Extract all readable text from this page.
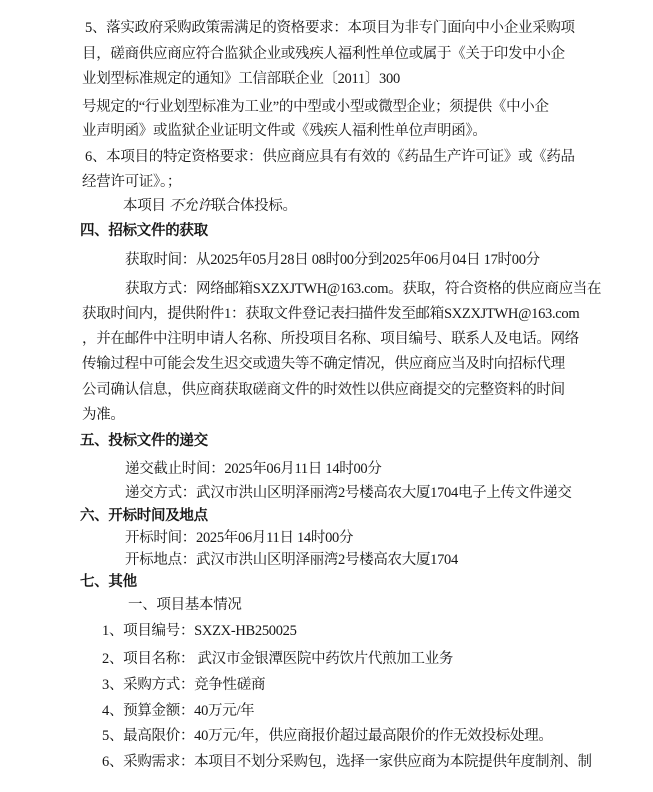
5、落实政府采购政策需满足的资格要求：本项目为非专门面向中小企业采购项
目，磋商供应商应符合监狱企业或残疾人福利性单位或属于《关于印发中小企
业划型标准规定的通知》工信部联企业〔2011〕300
号规定的“行业划型标准为工业”的中型或小型或微型企业；须提供《中小企
业声明函》或监狱企业证明文件或《残疾人福利性单位声明函》。
6、本项目的特定资格要求：供应商应具有有效的《药品生产许可证》或《药品
经营许可证》。；
本项目 不允许联合体投标。
四、招标文件的获取
获取时间：从2025年05月28日 08时00分到2025年06月04日 17时00分
获取方式：网络邮箱SXZXJTWH@163.com。获取，符合资格的供应商应当在
获取时间内，提供附件1：获取文件登记表扫描件发至邮箱SXZXJTWH@163.com
，并在邮件中注明申请人名称、所投项目名称、项目编号、联系人及电话。网络
传输过程中可能会发生迟交或遗失等不确定情况，供应商应当及时向招标代理
公司确认信息，供应商获取磋商文件的时效性以供应商提交的完整资料的时间
为准。
五、投标文件的递交
递交截止时间：2025年06月11日 14时00分
递交方式：武汉市洪山区明泽丽湾2号楼高农大厦1704电子上传文件递交
六、开标时间及地点
开标时间：2025年06月11日 14时00分
开标地点：武汉市洪山区明泽丽湾2号楼高农大厦1704
七、其他
一、项目基本情况
1、项目编号：SXZX-HB250025
2、项目名称： 武汉市金银潭医院中药饮片代煎加工业务
3、采购方式：竞争性磋商
4、预算金额：40万元/年
5、最高限价：40万元/年，供应商报价超过最高限价的作无效投标处理。
6、采购需求：本项目不划分采购包，选择一家供应商为本院提供年度制剂、制
